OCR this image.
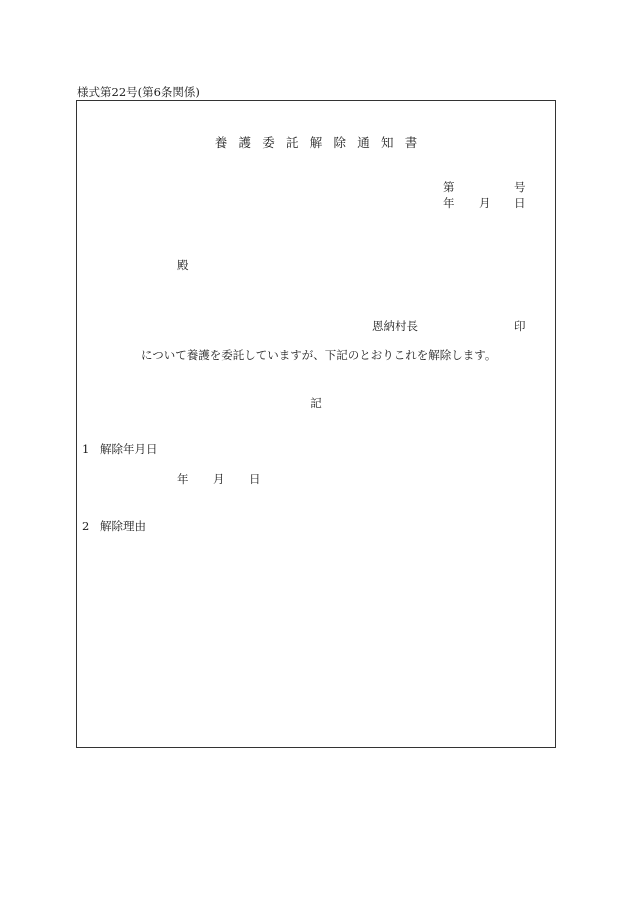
様式第22号(第6条関係)
養護委託解除通知書
第	号
年 月 日
殿
恩納村長	印
について養護を委託していますが、下記のとおりこれを解除します。
記
1 解除年月日
年 月 日
2 解除理由
